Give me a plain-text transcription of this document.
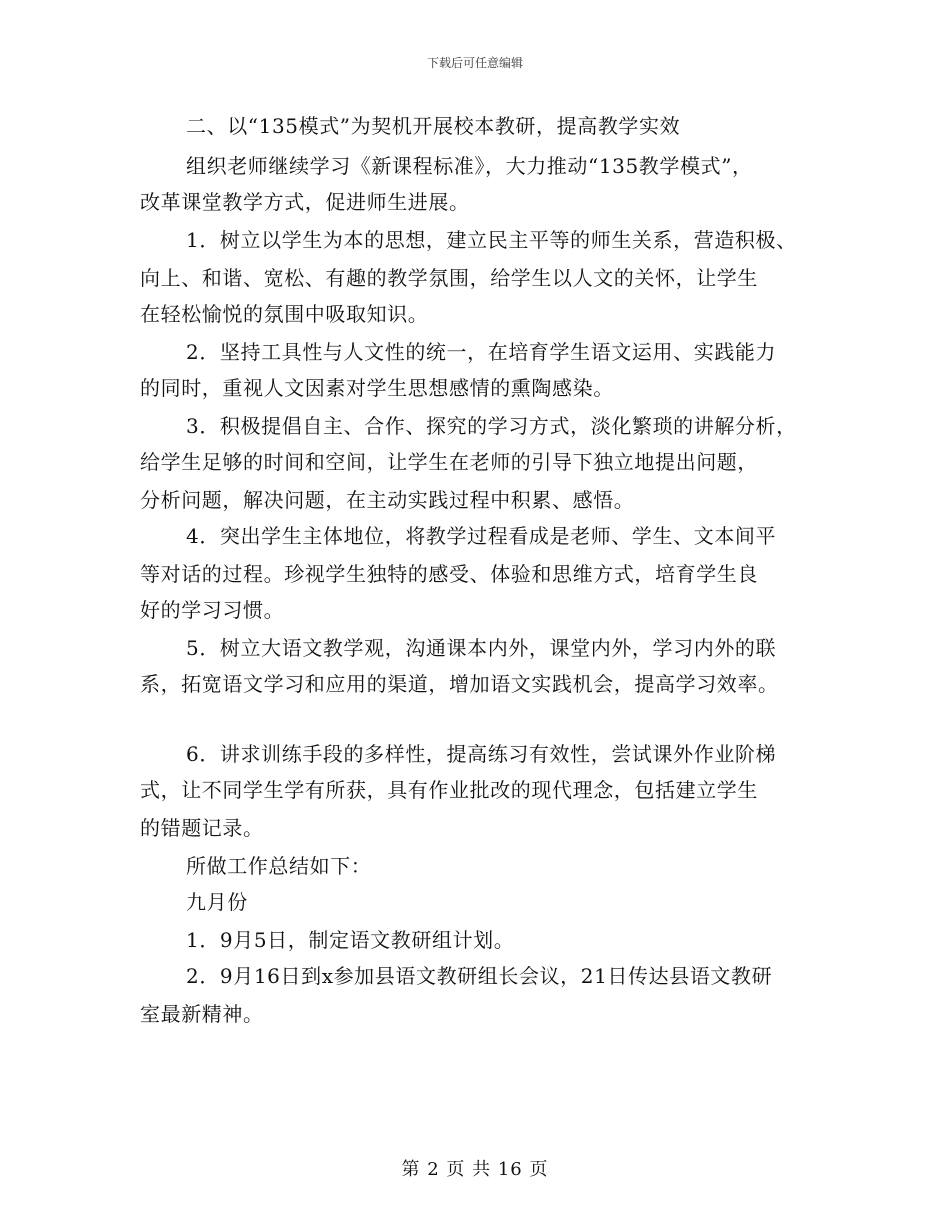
下载后可任意编辑
二、以“135模式”为契机开展校本教研，提高教学实效
组织老师继续学习《新课程标准》，大力推动“135教学模式”，
改革课堂教学方式，促进师生进展。
1．树立以学生为本的思想，建立民主平等的师生关系，营造积极、
向上、和谐、宽松、有趣的教学氛围，给学生以人文的关怀，让学生
在轻松愉悦的氛围中吸取知识。
2．坚持工具性与人文性的统一，在培育学生语文运用、实践能力
的同时，重视人文因素对学生思想感情的熏陶感染。
3．积极提倡自主、合作、探究的学习方式，淡化繁琐的讲解分析，
给学生足够的时间和空间，让学生在老师的引导下独立地提出问题，
分析问题，解决问题，在主动实践过程中积累、感悟。
4．突出学生主体地位，将教学过程看成是老师、学生、文本间平
等对话的过程。珍视学生独特的感受、体验和思维方式，培育学生良
好的学习习惯。
5．树立大语文教学观，沟通课本内外，课堂内外，学习内外的联
系，拓宽语文学习和应用的渠道，增加语文实践机会，提高学习效率。
6．讲求训练手段的多样性，提高练习有效性，尝试课外作业阶梯
式，让不同学生学有所获，具有作业批改的现代理念，包括建立学生
的错题记录。
所做工作总结如下：
九月份
1．9月5日，制定语文教研组计划。
2．9月16日到x参加县语文教研组长会议，21日传达县语文教研
室最新精神。
第 2 页 共 16 页
